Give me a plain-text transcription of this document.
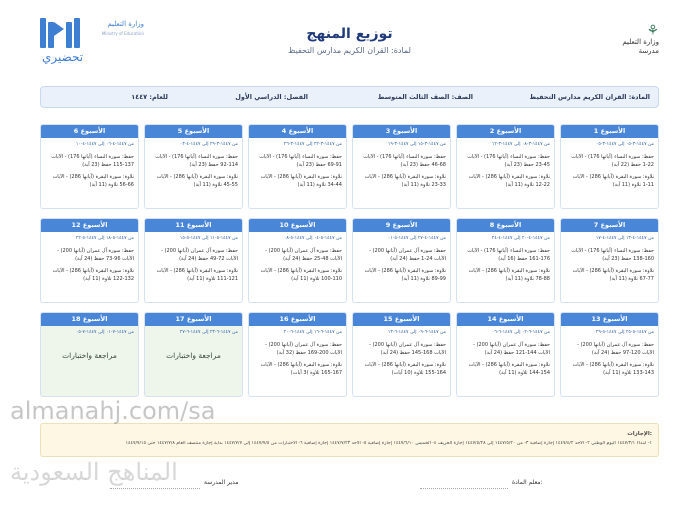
⚘
وزارة التعليم
مدرسة
وزارة التعليم
Ministry of Education
تحضيري
توزيع المنهج
لمادة: القران الكريم مدارس التحفيظ
المادة: القران الكريم مدارس التحفيظ
الصف: الصف الثالث المتوسط
الفصل: الدراسي الأول
للعام: ١٤٤٧
الأسبوع 1
من ١٤٤٧-٣-٠٥ إلى ١٤٤٧-٣-٠٥
حفظ: سورة النساء (آياتها 176) - الآيات 22-1 حفظ (22 آية)
تلاوة: سورة البقرة (آياتها 286) - الآيات 11-1 تلاوة (11 آية)
الأسبوع 2
من ١٤٤٧-٣-٠٨ إلى ١٤٤٧-٣-١٢
حفظ: سورة النساء (آياتها 176) - الآيات 45-23 حفظ (23 آية)
تلاوة: سورة البقرة (آياتها 286) - الآيات 22-12 تلاوة (11 آية)
الأسبوع 3
من ١٤٤٧-٣-١٥ إلى ١٤٤٧-٣-١٩
حفظ: سورة النساء (آياتها 176) - الآيات 68-46 حفظ (23 آية)
تلاوة: سورة البقرة (آياتها 286) - الآيات 33-23 تلاوة (11 آية)
الأسبوع 4
من ١٤٤٧-٣-٢٢ إلى ١٤٤٧-٣-٢٦
حفظ: سورة النساء (آياتها 176) - الآيات 91-69 حفظ (23 آية)
تلاوة: سورة البقرة (آياتها 286) - الآيات 44-34 تلاوة (11 آية)
الأسبوع 5
من ١٤٤٧-٣-٢٩ إلى ١٤٤٧-٤-٠٣
حفظ: سورة النساء (آياتها 176) - الآيات 114-92 حفظ (23 آية)
تلاوة: سورة البقرة (آياتها 286) - الآيات 55-45 تلاوة (11 آية)
الأسبوع 6
من ١٤٤٧-٤-٠٦ إلى ١٤٤٧-٤-١٠
حفظ: سورة النساء (آياتها 176) - الآيات 137-115 حفظ (23 آية)
تلاوة: سورة البقرة (آياتها 286) - الآيات 66-56 تلاوة (11 آية)
الأسبوع 7
من ١٤٤٧-٤-١٣ إلى ١٤٤٧-٤-١٧
حفظ: سورة النساء (آياتها 176) - الآيات 160-138 حفظ (23 آية)
تلاوة: سورة البقرة (آياتها 286) - الآيات 77-67 تلاوة (11 آية)
الأسبوع 8
من ١٤٤٧-٤-٢٠ إلى ١٤٤٧-٤-٢٤
حفظ: سورة النساء (آياتها 176) - الآيات 176-161 حفظ (16 آية)
تلاوة: سورة البقرة (آياتها 286) - الآيات 88-78 تلاوة (11 آية)
الأسبوع 9
من ١٤٤٧-٤-٢٧ إلى ١٤٤٧-٥-٠١
حفظ: سورة آل عمران (آياتها 200) - الآيات 24-1 حفظ (24 آية)
تلاوة: سورة البقرة (آياتها 286) - الآيات 99-89 تلاوة (11 آية)
الأسبوع 10
من ١٤٤٧-٥-٠٤ إلى ١٤٤٧-٥-٠٨
حفظ: سورة آل عمران (آياتها 200) - الآيات 48-25 حفظ (24 آية)
تلاوة: سورة البقرة (آياتها 286) - الآيات 110-100 تلاوة (11 آية)
الأسبوع 11
من ١٤٤٧-٥-١١ إلى ١٤٤٧-٥-١٥
حفظ: سورة آل عمران (آياتها 200) - الآيات 72-49 حفظ (24 آية)
تلاوة: سورة البقرة (آياتها 286) - الآيات 121-111 تلاوة (11 آية)
الأسبوع 12
من ١٤٤٧-٥-١٨ إلى ١٤٤٧-٥-٢٢
حفظ: سورة آل عمران (آياتها 200) - الآيات 96-73 حفظ (24 آية)
تلاوة: سورة البقرة (آياتها 286) - الآيات 132-122 تلاوة (11 آية)
الأسبوع 13
من ١٤٤٧-٥-٢٥ إلى ١٤٤٧-٥-٢٩
حفظ: سورة آل عمران (آياتها 200) - الآيات 120-97 حفظ (24 آية)
تلاوة: سورة البقرة (آياتها 286) - الآيات 143-133 تلاوة (11 آية)
الأسبوع 14
من ١٤٤٧-٦-٠٢ إلى ١٤٤٧-٦-٠٦
حفظ: سورة آل عمران (آياتها 200) - الآيات 144-121 حفظ (24 آية)
تلاوة: سورة البقرة (آياتها 286) - الآيات 154-144 تلاوة (11 آية)
الأسبوع 15
من ١٤٤٧-٦-٠٩ إلى ١٤٤٧-٦-١٣
حفظ: سورة آل عمران (آياتها 200) - الآيات 168-145 حفظ (24 آية)
تلاوة: سورة البقرة (آياتها 286) - الآيات 164-155 تلاوة (10 آيات)
الأسبوع 16
من ١٤٤٧-٦-١٦ إلى ١٤٤٧-٦-٢٠
حفظ: سورة آل عمران (آياتها 200) - الآيات 200-169 حفظ (32 آية)
تلاوة: سورة البقرة (آياتها 286) - الآيات 167-165 تلاوة (3 آيات)
الأسبوع 17
من ١٤٤٧-٦-٢٣ إلى ١٤٤٧-٦-٢٧
مراجعة واختبارات
الأسبوع 18
من ١٤٤٧-٧-٠١ إلى ١٤٤٧-٧-٠٥
مراجعة واختبارات
الإجازات:
١- ابتداء ١٤٤٧/٣/١ اليوم الوطني ٢- الأحد ١٤٤٧/٤/٢ إجازة إضافية ٣- من ١٤٤٧/٥/٢٠ إلى ١٤٤٧/٥/٢٨ إجازة الخريف ٤- الخميس ١٤٤٧/٦/١٠ إجازة إضافية ٥- الأحد ١٤٤٧/٧/٢٣ إجازة إضافية ٦- الاختبارات من ١٤٤٧/٧/٥ إلى ١٤٤٧/٧/٧ بداية إجازة منتصف العام ١٤٤٧/٧/٨ حتى ١٤٤٧/٧/١٥
معلم المادة:
مدير المدرسة
almanahj.com/sa
المناهج السعودية
